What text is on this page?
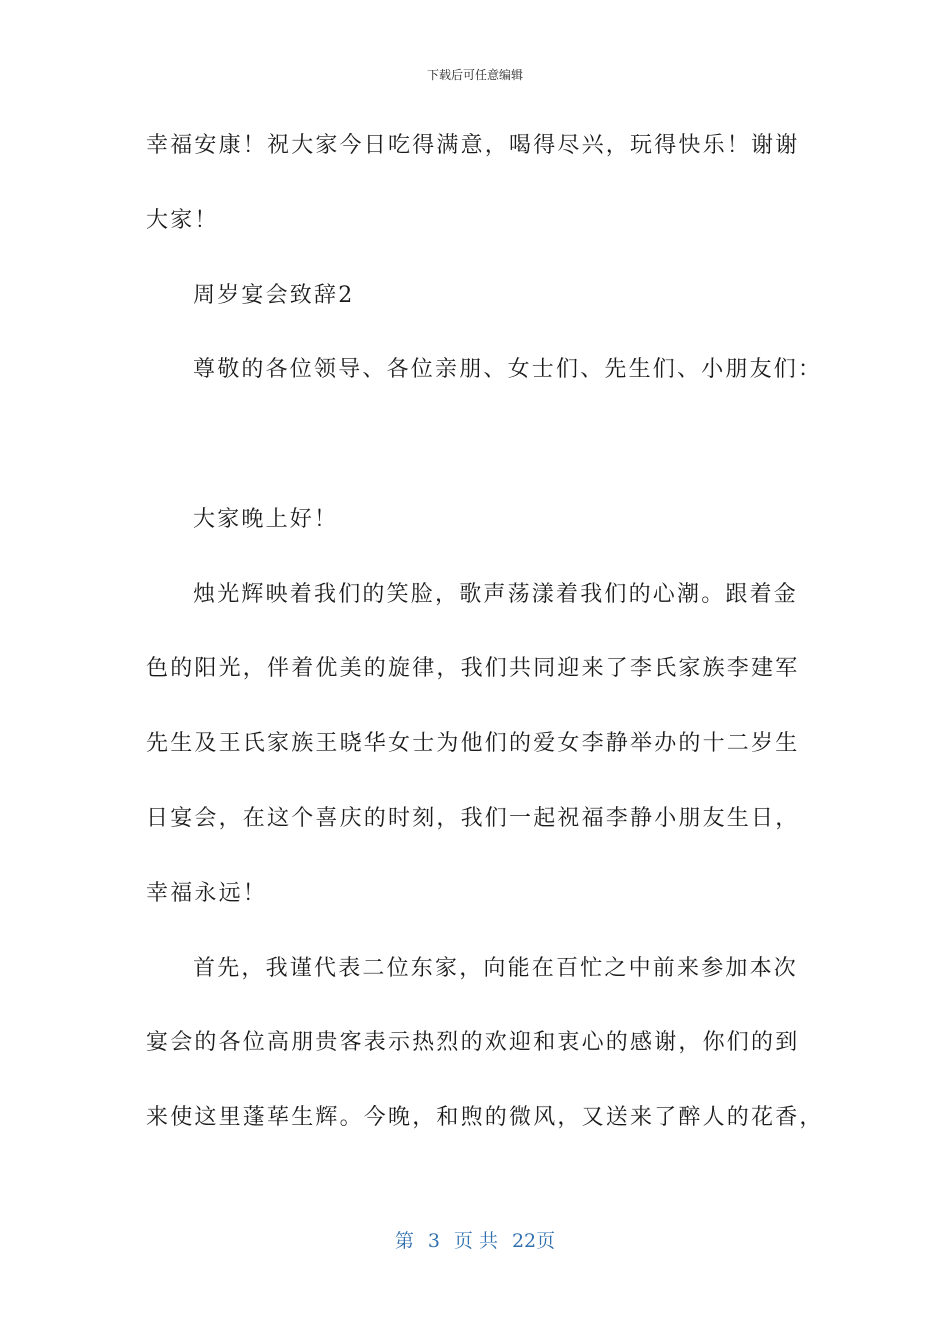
下载后可任意编辑
幸福安康！祝大家今日吃得满意，喝得尽兴，玩得快乐！谢谢
大家！
周岁宴会致辞2
尊敬的各位领导、各位亲朋、女士们、先生们、小朋友们：
大家晚上好！
烛光辉映着我们的笑脸，歌声荡漾着我们的心潮。跟着金
色的阳光，伴着优美的旋律，我们共同迎来了李氏家族李建军
先生及王氏家族王晓华女士为他们的爱女李静举办的十二岁生
日宴会，在这个喜庆的时刻，我们一起祝福李静小朋友生日，
幸福永远！
首先，我谨代表二位东家，向能在百忙之中前来参加本次
宴会的各位高朋贵客表示热烈的欢迎和衷心的感谢，你们的到
来使这里蓬荜生辉。今晚，和煦的微风，又送来了醉人的花香，
第 3 页 共 22页
